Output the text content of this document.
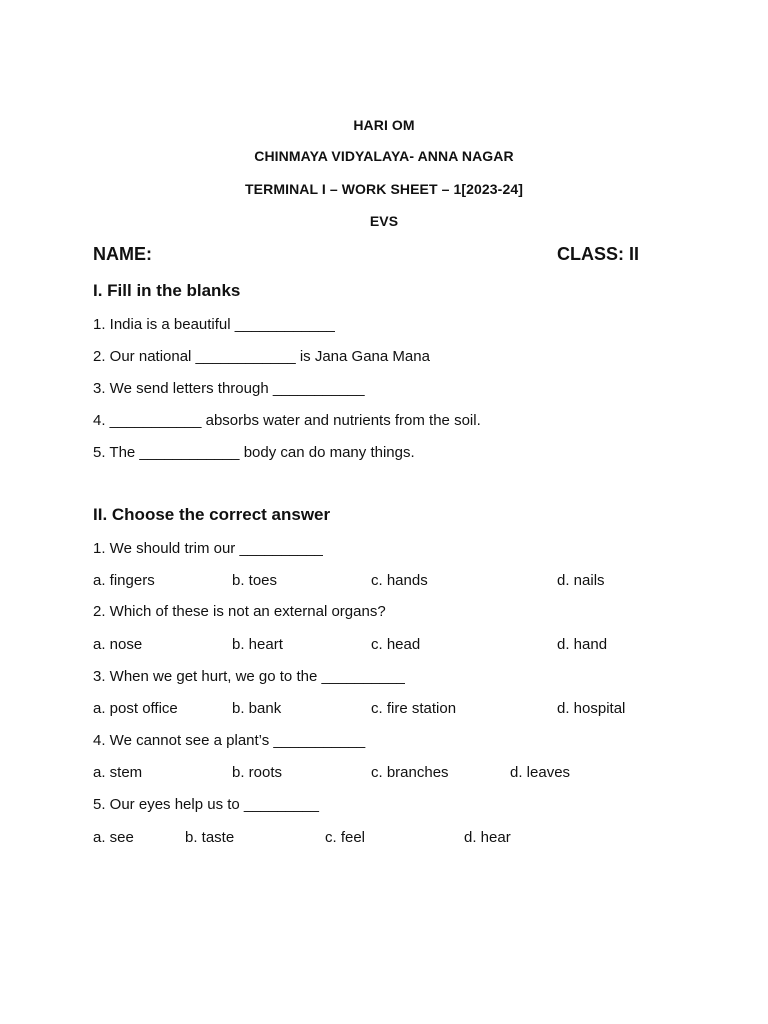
HARI OM
CHINMAYA VIDYALAYA- ANNA NAGAR
TERMINAL I – WORK SHEET – 1[2023-24]
EVS
NAME:	CLASS: II
I. Fill in the blanks
1. India is a beautiful ____________
2. Our national ____________ is Jana Gana Mana
3. We send letters through ___________
4. ___________ absorbs water and nutrients from the soil.
5. The ____________ body can do many things.
II. Choose the correct answer
1. We should trim our __________
a. fingers	b. toes	c. hands	d. nails
2. Which of these is not an external organs?
a. nose	b. heart	c. head	d. hand
3. When we get hurt, we go to the __________
a. post office	b. bank	c. fire station	d. hospital
4. We cannot see a plant’s ___________
a. stem	b. roots	c. branches	d. leaves
5. Our eyes help us to _________
a. see	b. taste	c. feel	d. hear
